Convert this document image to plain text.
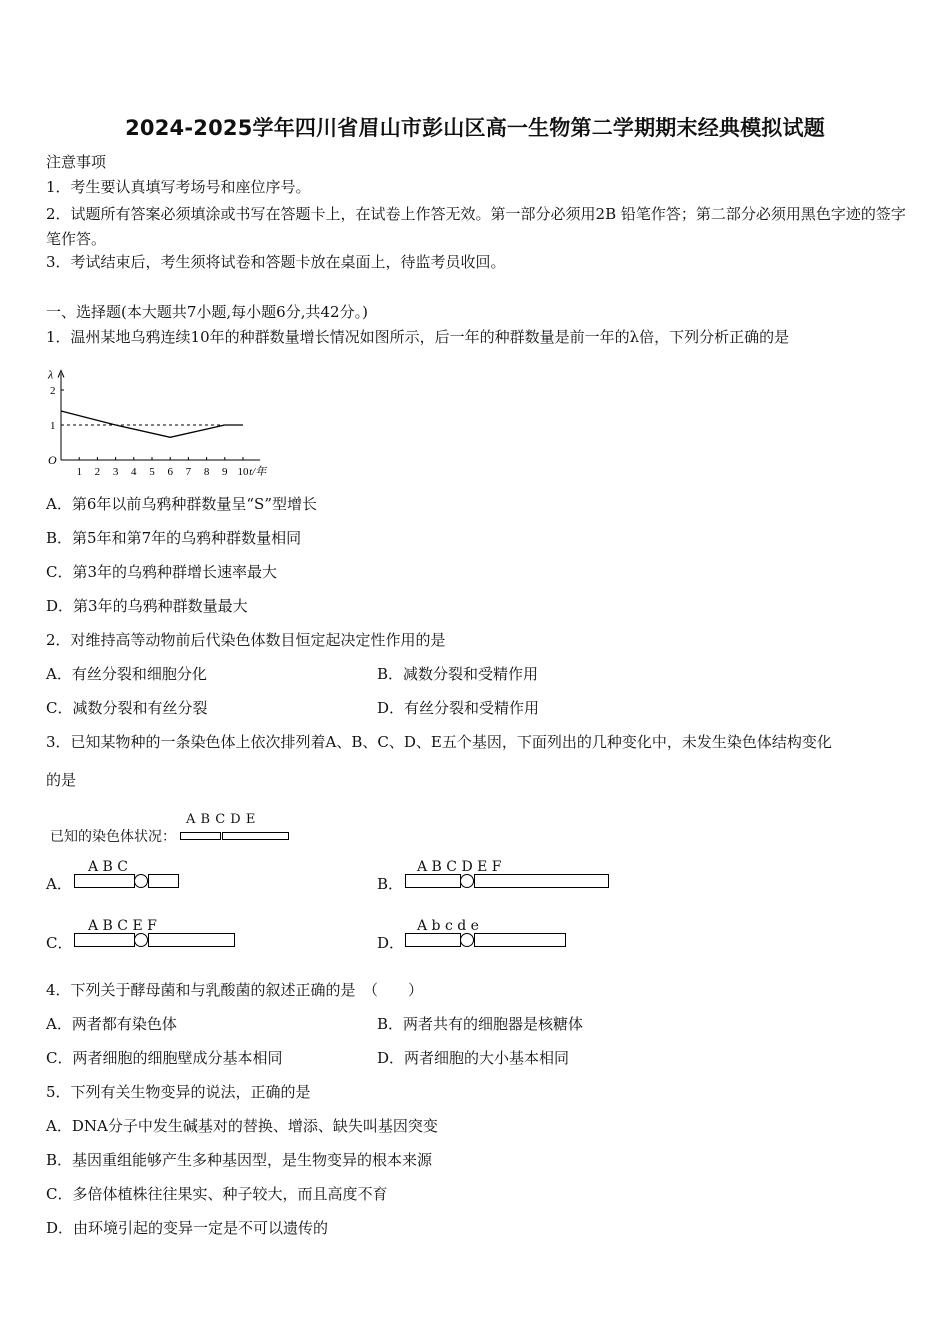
2024-2025学年四川省眉山市彭山区高一生物第二学期期末经典模拟试题
注意事项
1．考生要认真填写考场号和座位序号。
2．试题所有答案必须填涂或书写在答题卡上，在试卷上作答无效。第一部分必须用2B 铅笔作答；第二部分必须用黑色字迹的签字笔作答。
3．考试结束后，考生须将试卷和答题卡放在桌面上，待监考员收回。
一、选择题(本大题共7小题,每小题6分,共42分。)
1．温州某地乌鸦连续10年的种群数量增长情况如图所示，后一年的种群数量是前一年的λ倍，下列分析正确的是
λ
O
1
2
1 2 3 4 5 6 7 8 9 10 t/年
A．第6年以前乌鸦种群数量呈“S”型增长
B．第5年和第7年的乌鸦种群数量相同
C．第3年的乌鸦种群增长速率最大
D．第3年的乌鸦种群数量最大
2．对维持高等动物前后代染色体数目恒定起决定性作用的是
A．有丝分裂和细胞分化	B．减数分裂和受精作用
C．减数分裂和有丝分裂	D．有丝分裂和受精作用
3．已知某物种的一条染色体上依次排列着A、B、C、D、E五个基因，下面列出的几种变化中，未发生染色体结构变化
的是
已知的染色体状况：
A B C D E
A．
A B C
B．
A B C D E F
C．
A B C E F
D．
A b c d e
4．下列关于酵母菌和与乳酸菌的叙述正确的是　（　　）
A．两者都有染色体	B．两者共有的细胞器是核糖体
C．两者细胞的细胞壁成分基本相同	D．两者细胞的大小基本相同
5．下列有关生物变异的说法，正确的是
A．DNA分子中发生碱基对的替换、增添、缺失叫基因突变
B．基因重组能够产生多种基因型，是生物变异的根本来源
C．多倍体植株往往果实、种子较大，而且高度不育
D．由环境引起的变异一定是不可以遗传的
